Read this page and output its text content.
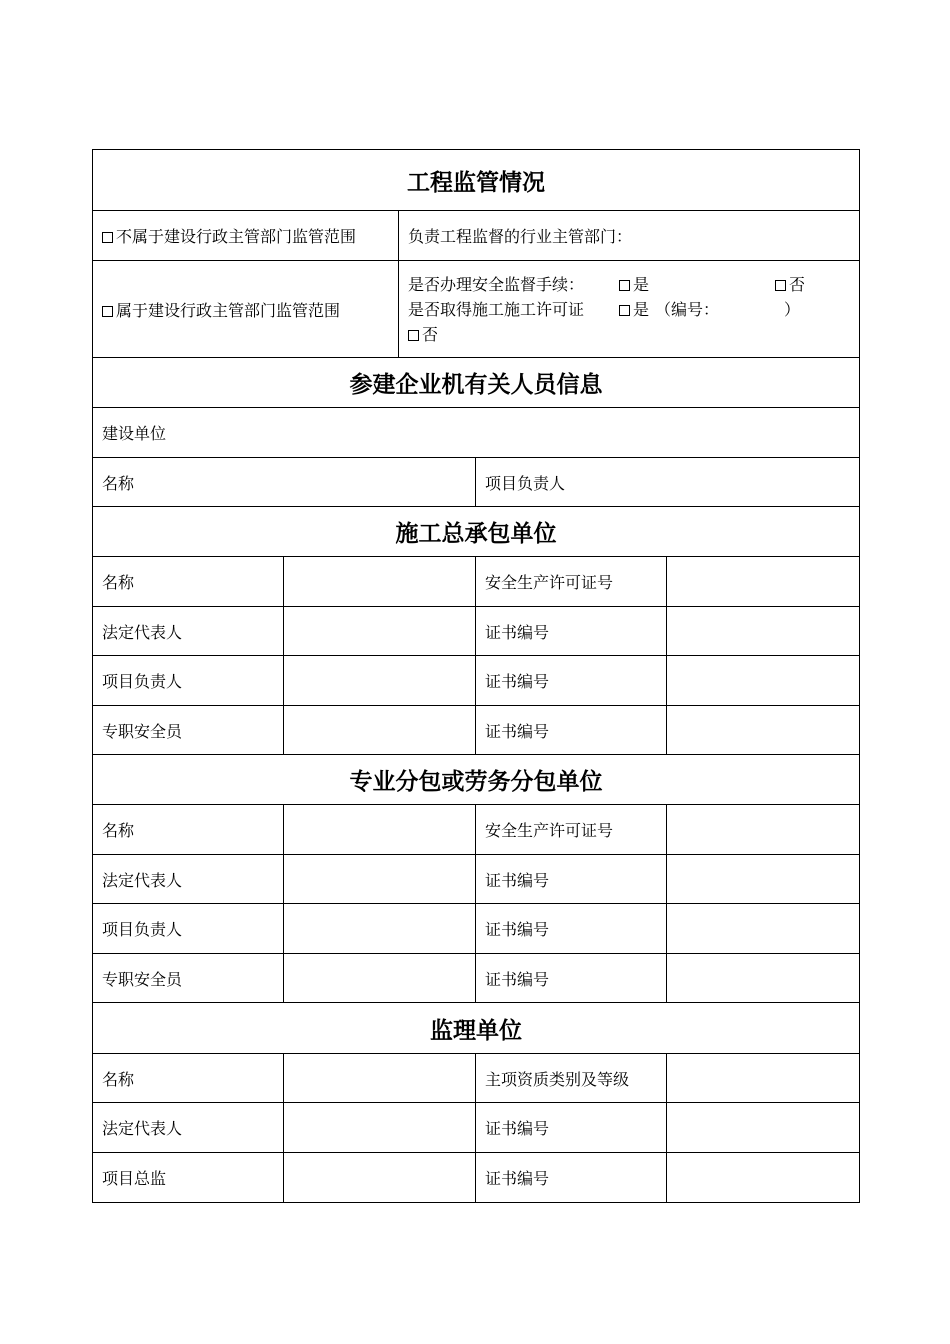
工程监管情况				
不属于建设行政主管部门监管范围		负责工程监督的行业主管部门：		
属于建设行政主管部门监管范围		是否办理安全监督手续： 是 否
是否取得施工施工许可证 是 （编号： ）
否		

参建企业机有关人员信息				
建设单位				
名称			项目负责人	
施工总承包单位				
名称			安全生产许可证号	
法定代表人			证书编号	
项目负责人			证书编号	
专职安全员			证书编号	
专业分包或劳务分包单位				
名称			安全生产许可证号	
法定代表人			证书编号	
项目负责人			证书编号	
专职安全员			证书编号	
监理单位				
名称			主项资质类别及等级	
法定代表人			证书编号	
项目总监			证书编号	
